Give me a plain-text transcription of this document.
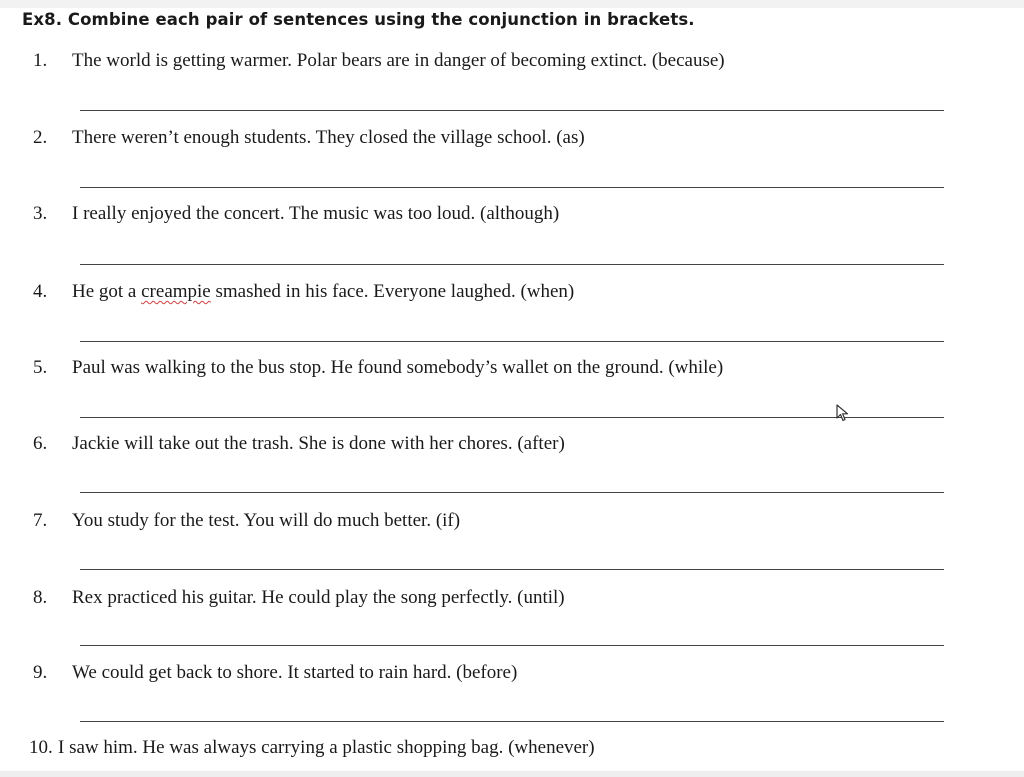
Ex8. Combine each pair of sentences using the conjunction in brackets.
1. The world is getting warmer. Polar bears are in danger of becoming extinct. (because)
2. There weren’t enough students. They closed the village school. (as)
3. I really enjoyed the concert. The music was too loud. (although)
4. He got a creampie smashed in his face. Everyone laughed. (when)
5. Paul was walking to the bus stop. He found somebody’s wallet on the ground. (while)
6. Jackie will take out the trash. She is done with her chores. (after)
7. You study for the test. You will do much better. (if)
8. Rex practiced his guitar. He could play the song perfectly. (until)
9. We could get back to shore. It started to rain hard. (before)
10. I saw him. He was always carrying a plastic shopping bag. (whenever)
